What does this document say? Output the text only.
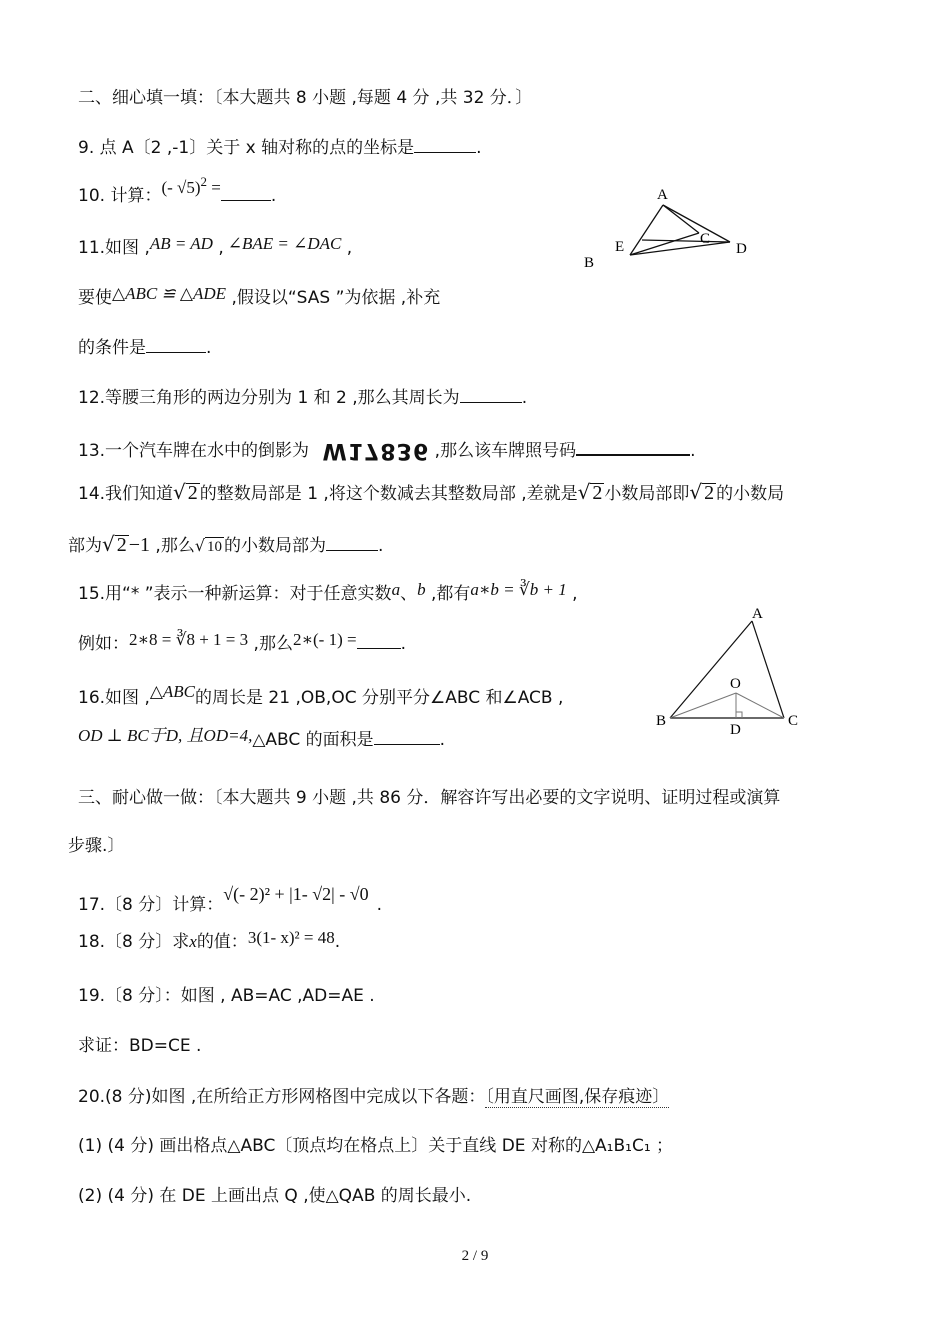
二、细心填一填：〔本大题共 8 小题 ,每题 4 分 ,共 32 分．〕
9. 点 A〔2 ,-1〕关于 x 轴对称的点的坐标是	.
10. 计算：(- √5)$^2$ =	.	A
B
E	C
D
11.如图 ,AB = AD , ∠BAE = ∠DAC ,
要使△ABC ≌ △ADE ,假设以“SAS ”为依据 ,补充
的条件是	.
12.等腰三角形的两边分别为 1 和 2 ,那么其周长为	.
13.一个汽车牌在水中的倒影为 W17836 ,那么该车牌照号码	.
14.我们知道√ 2 的整数局部是 1 ,将这个数减去其整数局部 ,差就是√ 2 小数局部即√ 2 的小数局
部为√ 2 −1 ,那么√ 10 的小数局部为	.
A
O
B
D
C
15.用“* ”表示一种新运算：对于任意实数a、b ,都有a∗b = ∛b + 1 ,
例如：2∗8 = ∛8 + 1 = 3 ,那么2∗(- 1) =	.
16.如图 ,△ABC的周长是 21 ,OB,OC 分别平分∠ABC 和∠ACB ,
OD ⊥ BC于D, 且OD=4,△ABC 的面积是	.
三、耐心做一做：〔本大题共 9 小题 ,共 86 分．解容许写出必要的文字说明、证明过程或演算
步骤.〕
17.〔8 分〕计算：√(- 2)² + |1- √2| - √0.
18.〔8 分〕求x的值：3(1- x)² = 48.
19.〔8 分〕：如图 , AB=AC ,AD=AE .
求证：BD=CE .
20.(8 分)如图 ,在所给正方形网格图中完成以下各题：〔用直尺画图,保存痕迹〕
(1) (4 分) 画出格点△ABC〔顶点均在格点上〕关于直线 DE 对称的△A₁B₁C₁ ；
(2) (4 分) 在 DE 上画出点 Q ,使△QAB 的周长最小.
2 / 9
